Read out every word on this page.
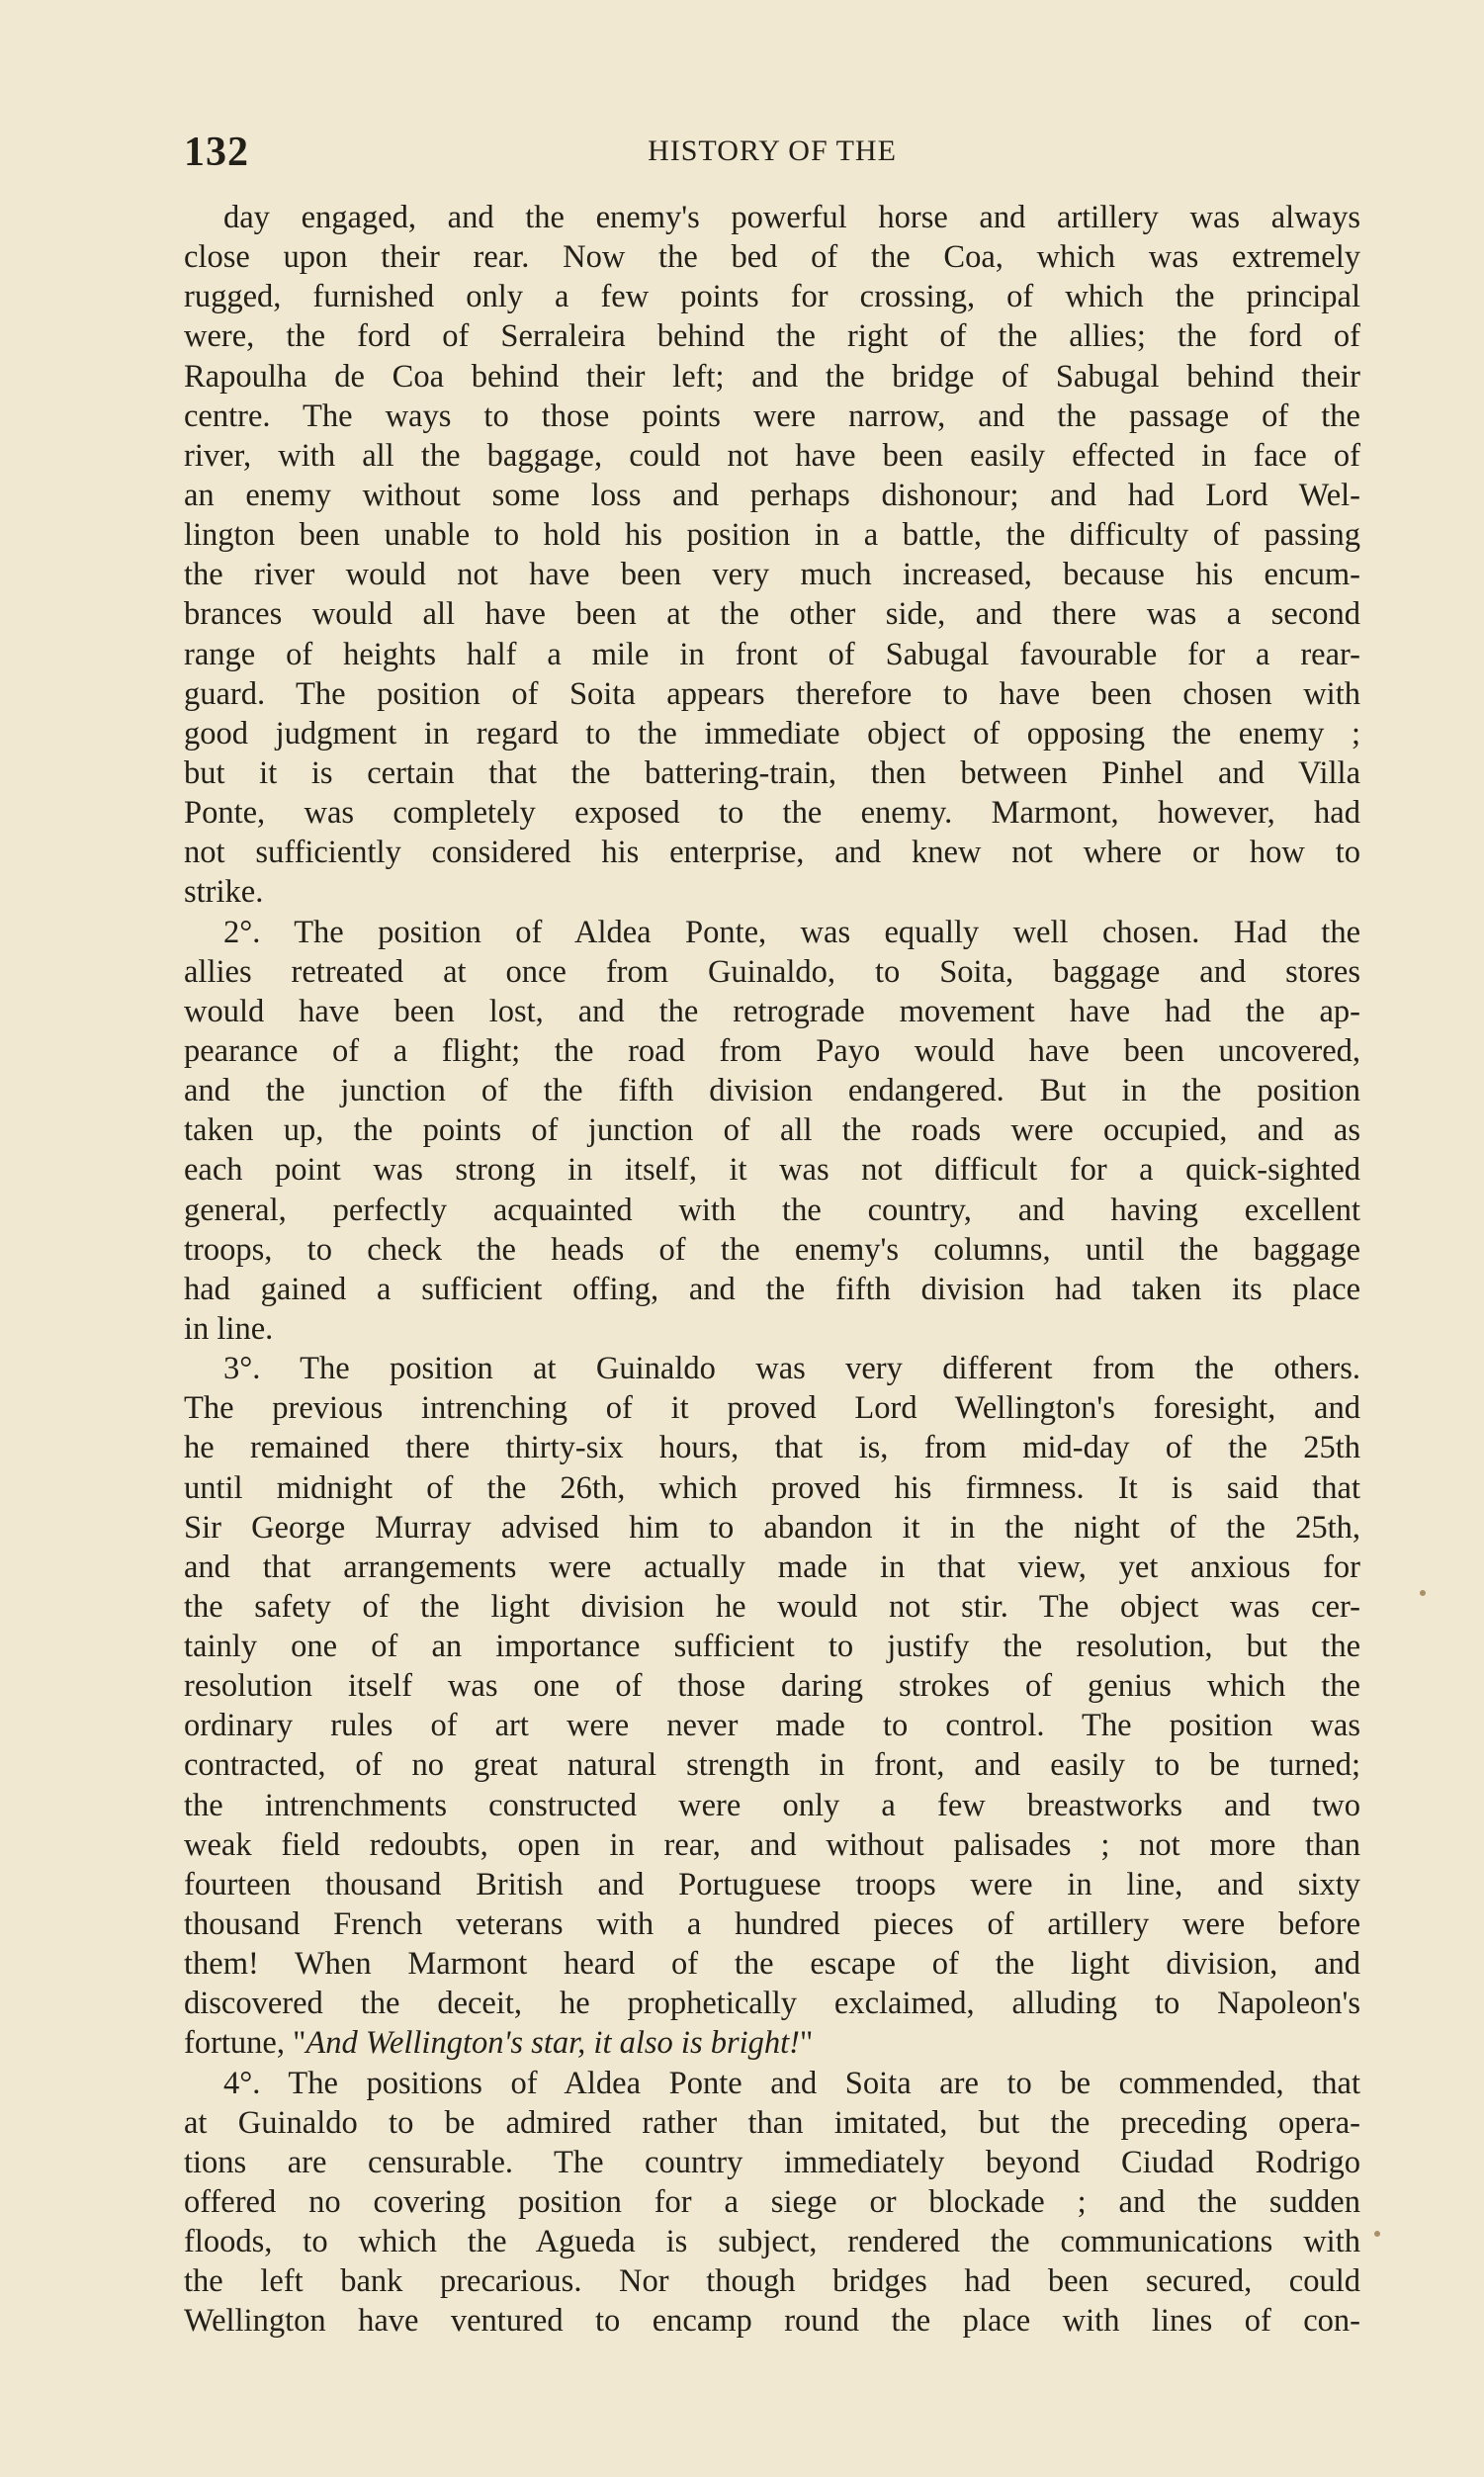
132	HISTORY OF THE
day engaged, and the enemy's powerful horse and artillery was always
close upon their rear. Now the bed of the Coa, which was extremely
rugged, furnished only a few points for crossing, of which the principal
were, the ford of Serraleira behind the right of the allies; the ford of
Rapoulha de Coa behind their left; and the bridge of Sabugal behind their
centre. The ways to those points were narrow, and the passage of the
river, with all the baggage, could not have been easily effected in face of
an enemy without some loss and perhaps dishonour; and had Lord Wel-
lington been unable to hold his position in a battle, the difficulty of passing
the river would not have been very much increased, because his encum-
brances would all have been at the other side, and there was a second
range of heights half a mile in front of Sabugal favourable for a rear-
guard. The position of Soita appears therefore to have been chosen with
good judgment in regard to the immediate object of opposing the enemy ;
but it is certain that the battering-train, then between Pinhel and Villa
Ponte, was completely exposed to the enemy. Marmont, however, had
not sufficiently considered his enterprise, and knew not where or how to
strike.
2°. The position of Aldea Ponte, was equally well chosen. Had the
allies retreated at once from Guinaldo, to Soita, baggage and stores
would have been lost, and the retrograde movement have had the ap-
pearance of a flight; the road from Payo would have been uncovered,
and the junction of the fifth division endangered. But in the position
taken up, the points of junction of all the roads were occupied, and as
each point was strong in itself, it was not difficult for a quick-sighted
general, perfectly acquainted with the country, and having excellent
troops, to check the heads of the enemy's columns, until the baggage
had gained a sufficient offing, and the fifth division had taken its place
in line.
3°. The position at Guinaldo was very different from the others.
The previous intrenching of it proved Lord Wellington's foresight, and
he remained there thirty-six hours, that is, from mid-day of the 25th
until midnight of the 26th, which proved his firmness. It is said that
Sir George Murray advised him to abandon it in the night of the 25th,
and that arrangements were actually made in that view, yet anxious for
the safety of the light division he would not stir. The object was cer-
tainly one of an importance sufficient to justify the resolution, but the
resolution itself was one of those daring strokes of genius which the
ordinary rules of art were never made to control. The position was
contracted, of no great natural strength in front, and easily to be turned;
the intrenchments constructed were only a few breastworks and two
weak field redoubts, open in rear, and without palisades ; not more than
fourteen thousand British and Portuguese troops were in line, and sixty
thousand French veterans with a hundred pieces of artillery were before
them! When Marmont heard of the escape of the light division, and
discovered the deceit, he prophetically exclaimed, alluding to Napoleon's
fortune, "And Wellington's star, it also is bright!"
4°. The positions of Aldea Ponte and Soita are to be commended, that
at Guinaldo to be admired rather than imitated, but the preceding opera-
tions are censurable. The country immediately beyond Ciudad Rodrigo
offered no covering position for a siege or blockade ; and the sudden
floods, to which the Agueda is subject, rendered the communications with
the left bank precarious. Nor though bridges had been secured, could
Wellington have ventured to encamp round the place with lines of con-
